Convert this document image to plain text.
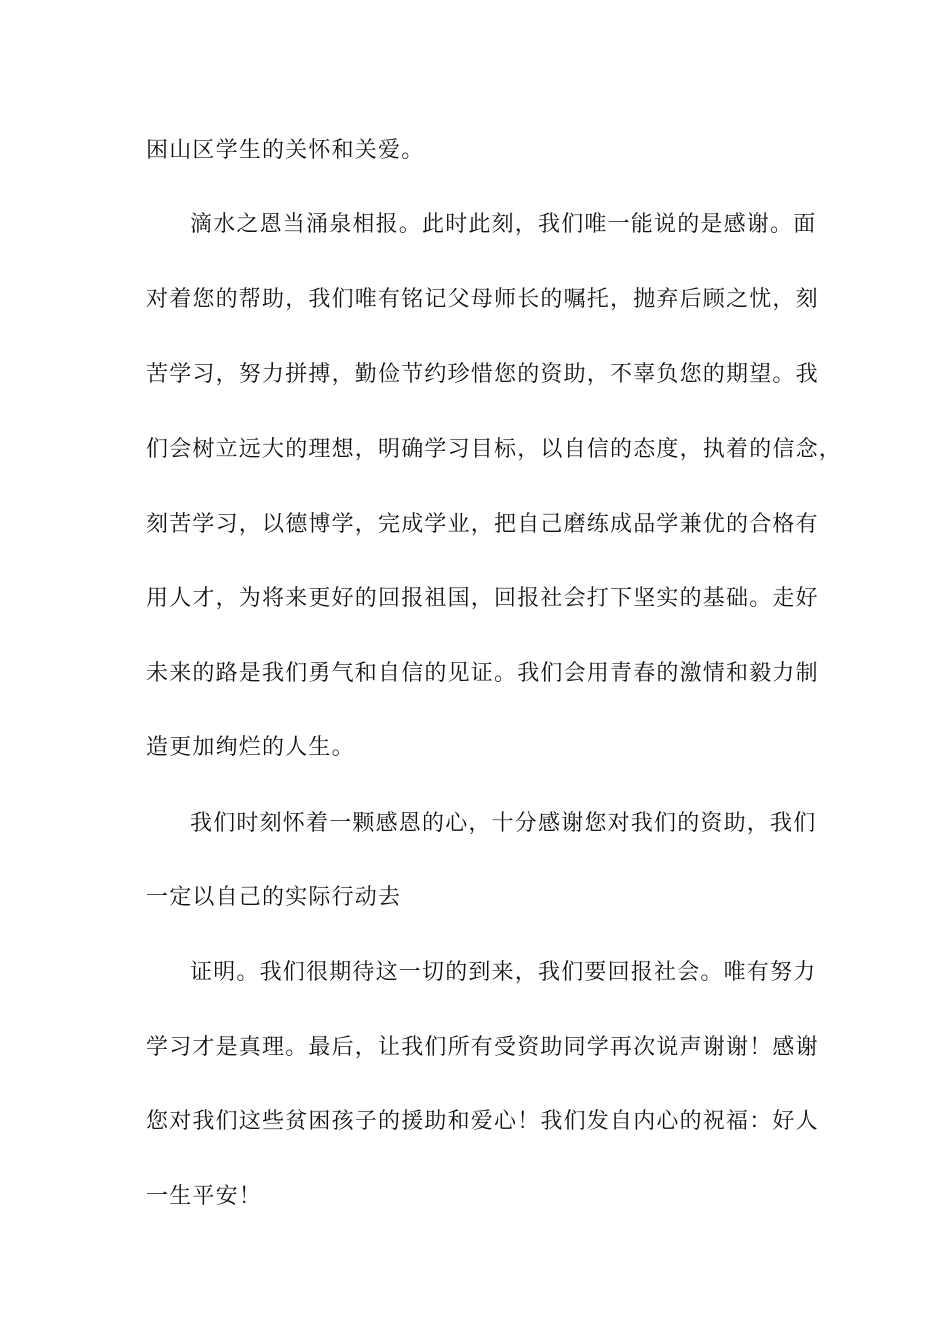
困山区学生的关怀和关爱。

滴水之恩当涌泉相报。此时此刻，我们唯一能说的是感谢。面

对着您的帮助，我们唯有铭记父母师长的嘱托，抛弃后顾之忧，刻

苦学习，努力拼搏，勤俭节约珍惜您的资助，不辜负您的期望。我

们会树立远大的理想，明确学习目标，以自信的态度，执着的信念，

刻苦学习，以德博学，完成学业，把自己磨练成品学兼优的合格有

用人才，为将来更好的回报祖国，回报社会打下坚实的基础。走好

未来的路是我们勇气和自信的见证。我们会用青春的激情和毅力制

造更加绚烂的人生。

我们时刻怀着一颗感恩的心，十分感谢您对我们的资助，我们

一定以自己的实际行动去

证明。我们很期待这一切的到来，我们要回报社会。唯有努力

学习才是真理。最后，让我们所有受资助同学再次说声谢谢！感谢

您对我们这些贫困孩子的援助和爱心！我们发自内心的祝福：好人

一生平安！
